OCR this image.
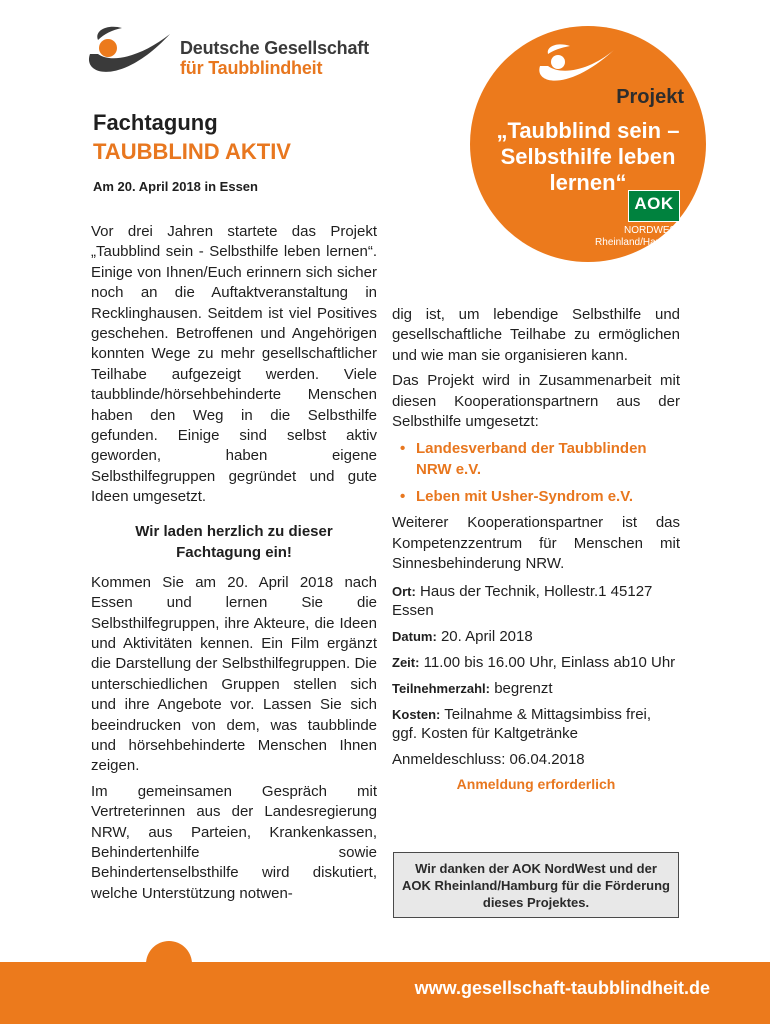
Deutsche Gesellschaft
für Taubblindheit
Projekt
„Taubblind sein – Selbsthilfe leben lernen“
AOK
NORDWEST:
Rheinland/Hamburg
Fachtagung
TAUBBLIND AKTIV
Am 20. April 2018 in Essen

Vor drei Jahren startete das Projekt „Taubblind sein - Selbsthilfe leben lernen“. Einige von Ihnen/Euch erinnern sich sicher noch an die Auftaktveranstaltung in Recklinghausen. Seitdem ist viel Positives geschehen. Betroffenen und Angehörigen konnten Wege zu mehr gesellschaftlicher Teilhabe aufgezeigt werden. Viele taubblinde/hörsehbehinderte Menschen haben den Weg in die Selbsthilfe gefunden. Einige sind selbst aktiv geworden, haben eigene Selbsthilfegruppen gegründet und gute Ideen umgesetzt.

Wir laden herzlich zu dieser Fachtagung ein!

Kommen Sie am 20. April 2018 nach Essen und lernen Sie die Selbsthilfegruppen, ihre Akteure, die Ideen und Aktivitäten kennen. Ein Film ergänzt die Darstellung der Selbsthilfegruppen. Die unterschiedlichen Gruppen stellen sich und ihre Angebote vor. Lassen Sie sich beeindrucken von dem, was taubblinde und hörsehbehinderte Menschen Ihnen zeigen.

Im gemeinsamen Gespräch mit Vertreterinnen aus der Landesregierung NRW, aus Parteien, Krankenkassen, Behindertenhilfe sowie Behindertenselbsthilfe wird diskutiert, welche Unterstützung notwen-

dig ist, um lebendige Selbsthilfe und gesellschaftliche Teilhabe zu ermöglichen und wie man sie organisieren kann.

Das Projekt wird in Zusammenarbeit mit diesen Kooperationspartnern aus der Selbsthilfe umgesetzt:

• Landesverband der Taubblinden NRW e.V.
• Leben mit Usher-Syndrom e.V.

Weiterer Kooperationspartner ist das Kompetenzzentrum für Menschen mit Sinnesbehinderung NRW.

Ort: Haus der Technik, Hollestr.1 45127 Essen

Datum: 20. April 2018

Zeit: 11.00 bis 16.00 Uhr, Einlass ab10 Uhr

Teilnehmerzahl: begrenzt

Kosten: Teilnahme & Mittagsimbiss frei, ggf. Kosten für Kaltgetränke

Anmeldeschluss: 06.04.2018

Anmeldung erforderlich

Wir danken der AOK NordWest und der AOK Rheinland/Hamburg für die Förderung dieses Projektes.
www.gesellschaft-taubblindheit.de
